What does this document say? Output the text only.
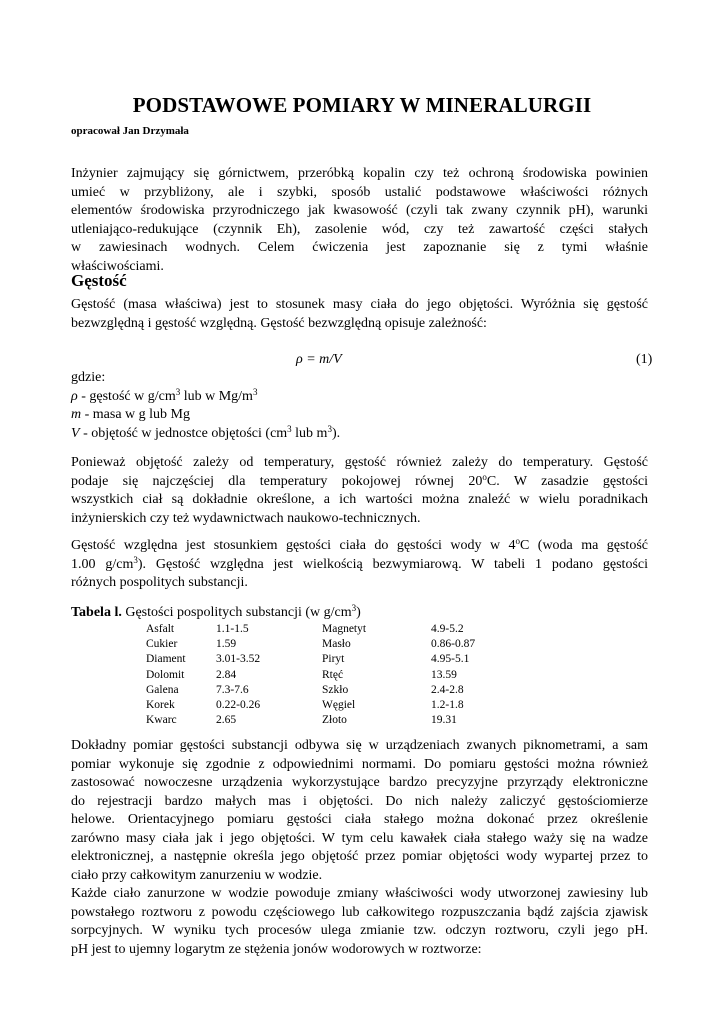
PODSTAWOWE POMIARY W MINERALURGII
opracował Jan Drzymała
Inżynier zajmujący się górnictwem, przeróbką kopalin czy też ochroną środowiska powinien
umieć w przybliżony, ale i szybki, sposób ustalić podstawowe właściwości różnych
elementów środowiska przyrodniczego jak kwasowość (czyli tak zwany czynnik pH), warunki
utleniająco-redukujące (czynnik Eh), zasolenie wód, czy też zawartość części stałych
w zawiesinach wodnych. Celem ćwiczenia jest zapoznanie się z tymi właśnie
właściwościami.
Gęstość
Gęstość (masa właściwa) jest to stosunek masy ciała do jego objętości. Wyróżnia się gęstość
bezwzględną i gęstość względną. Gęstość bezwzględną opisuje zależność:
ρ = m/V	(1)
gdzie:
ρ - gęstość w $g/cm^3$ lub w $Mg/m^3$
m - masa w g lub Mg
V - objętość w jednostce objętości ($cm^3$ lub $m^3$).
Ponieważ objętość zależy od temperatury, gęstość również zależy do temperatury. Gęstość
podaje się najczęściej dla temperatury pokojowej równej 20$^o$C. W zasadzie gęstości
wszystkich ciał są dokładnie określone, a ich wartości można znaleźć w wielu poradnikach
inżynierskich czy też wydawnictwach naukowo-technicznych.
Gęstość względna jest stosunkiem gęstości ciała do gęstości wody w 4$^o$C (woda ma gęstość
1.00 $g/cm^3$). Gęstość względna jest wielkością bezwymiarową. W tabeli 1 podano gęstości
różnych pospolitych substancji.
Tabela l. Gęstości pospolitych substancji (w $g/cm^3$)
Asfalt	1.1-1.5	Magnetyt	4.9-5.2
Cukier	1.59	Masło	0.86-0.87
Diament	3.01-3.52	Piryt	4.95-5.1
Dolomit	2.84	Rtęć	13.59
Galena	7.3-7.6	Szkło	2.4-2.8
Korek	0.22-0.26	Węgiel	1.2-1.8
Kwarc	2.65	Złoto	19.31
Dokładny pomiar gęstości substancji odbywa się w urządzeniach zwanych piknometrami, a sam
pomiar wykonuje się zgodnie z odpowiednimi normami. Do pomiaru gęstości można również
zastosować nowoczesne urządzenia wykorzystujące bardzo precyzyjne przyrządy elektroniczne
do rejestracji bardzo małych mas i objętości. Do nich należy zaliczyć gęstościomierze
helowe. Orientacyjnego pomiaru gęstości ciała stałego można dokonać przez określenie
zarówno masy ciała jak i jego objętości. W tym celu kawałek ciała stałego waży się na wadze
elektronicznej, a następnie określa jego objętość przez pomiar objętości wody wypartej przez to
ciało przy całkowitym zanurzeniu w wodzie.
Każde ciało zanurzone w wodzie powoduje zmiany właściwości wody utworzonej zawiesiny lub
powstałego roztworu z powodu częściowego lub całkowitego rozpuszczania bądź zajścia zjawisk
sorpcyjnych. W wyniku tych procesów ulega zmianie tzw. odczyn roztworu, czyli jego pH.
pH jest to ujemny logarytm ze stężenia jonów wodorowych w roztworze:
